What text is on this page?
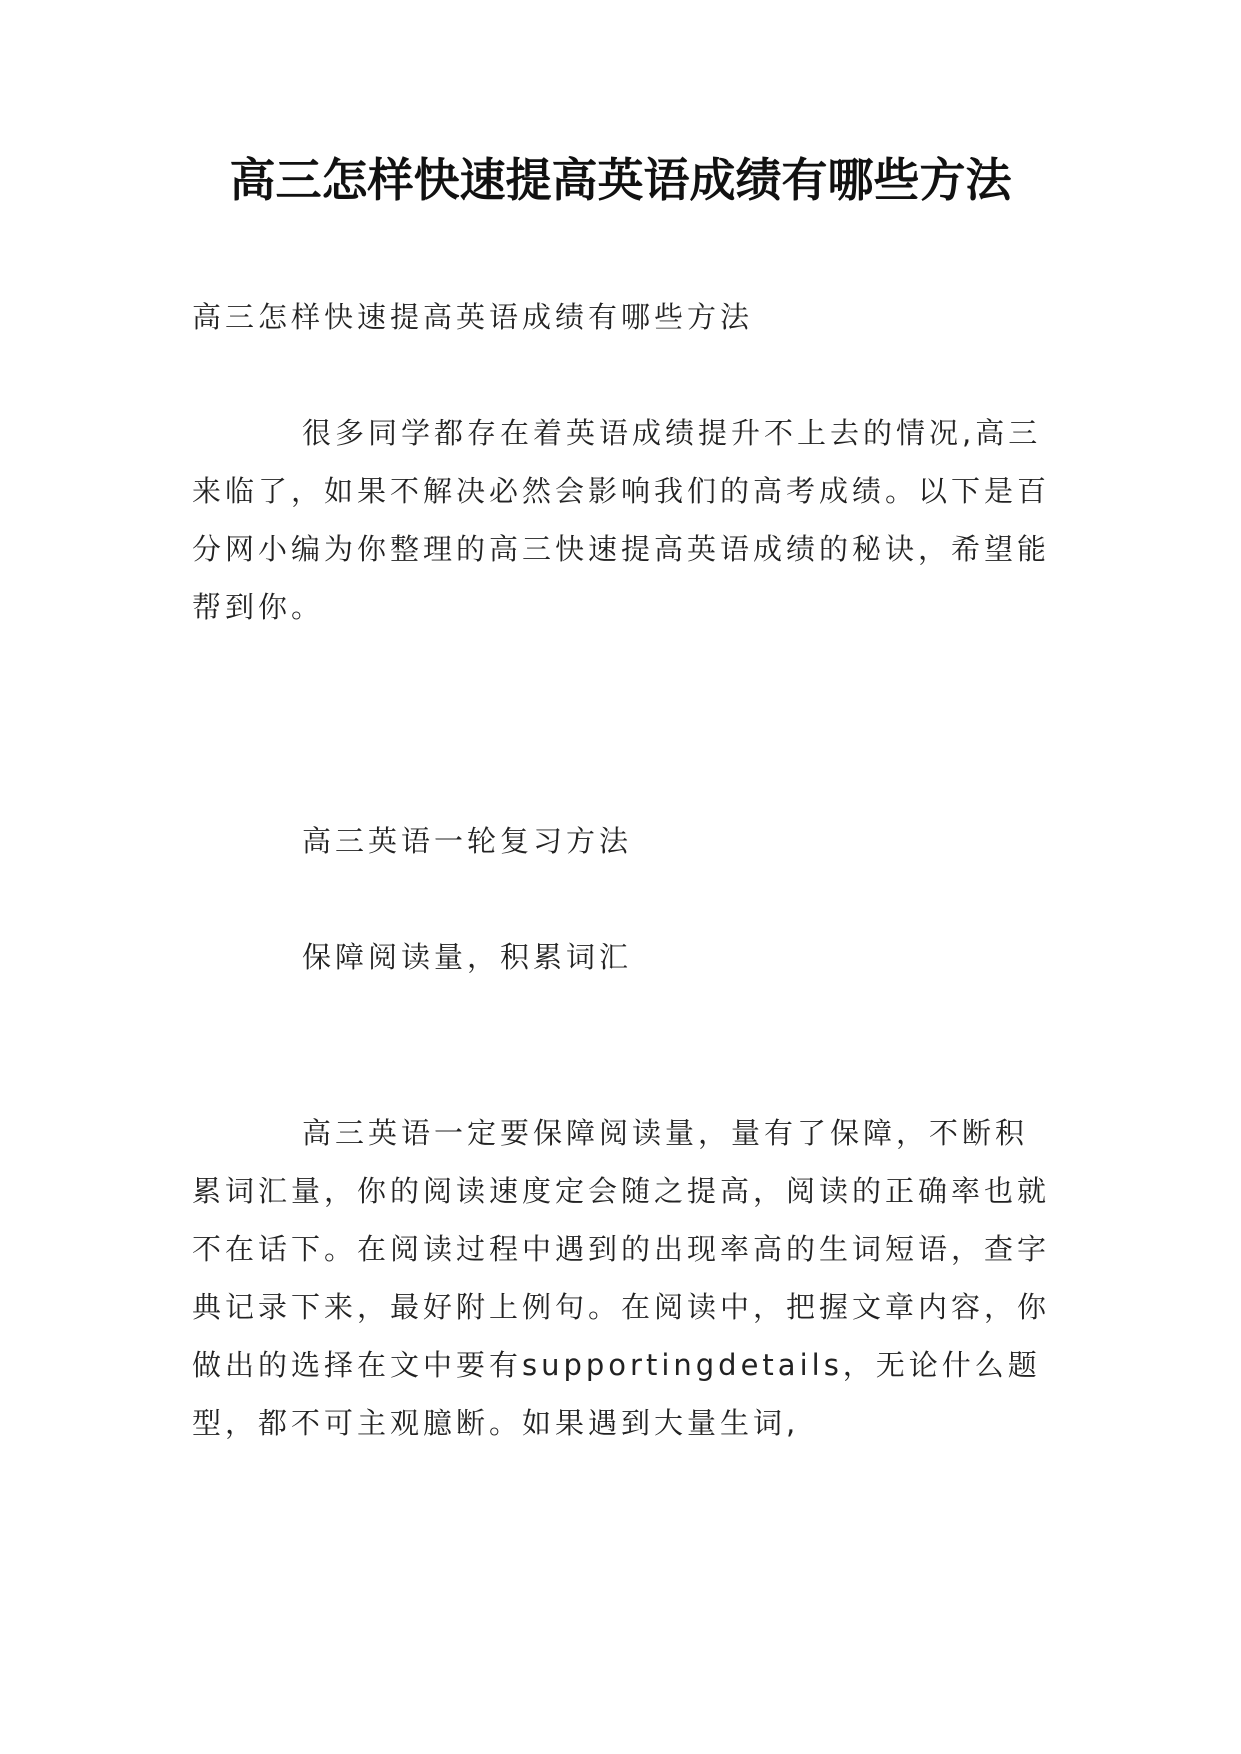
高三怎样快速提高英语成绩有哪些方法

高三怎样快速提高英语成绩有哪些方法

很多同学都存在着英语成绩提升不上去的情况,高三来临了，如果不解决必然会影响我们的高考成绩。以下是百分网小编为你整理的高三快速提高英语成绩的秘诀，希望能帮到你。

高三英语一轮复习方法

保障阅读量，积累词汇

高三英语一定要保障阅读量，量有了保障，不断积累词汇量，你的阅读速度定会随之提高，阅读的正确率也就不在话下。在阅读过程中遇到的出现率高的生词短语，查字典记录下来，最好附上例句。在阅读中，把握文章内容，你做出的选择在文中要有supportingdetails，无论什么题型，都不可主观臆断。如果遇到大量生词,
